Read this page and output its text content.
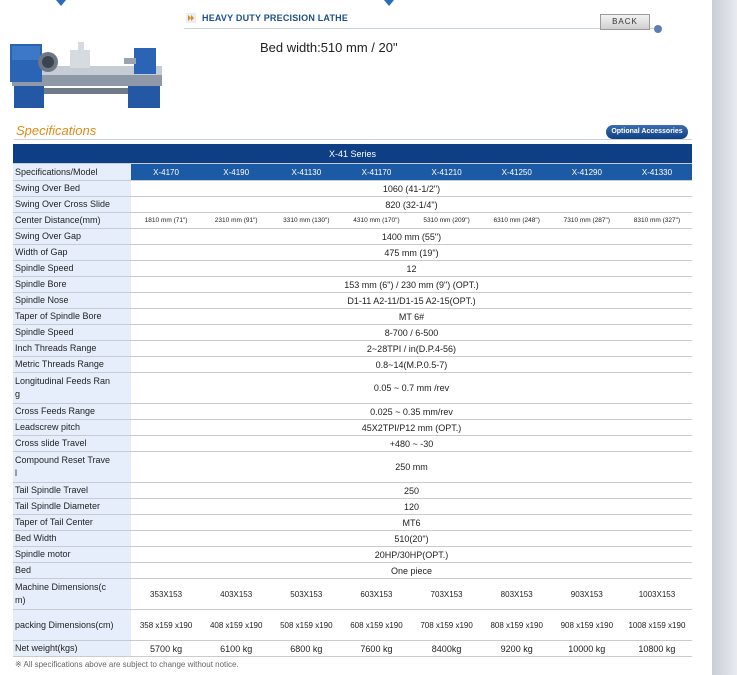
HEAVY DUTY PRECISION LATHE	BACK
Bed width:510 mm / 20"
Specifications	Optional Accessories
X-41 Series								
Specifications/Model	X-4170	X-4190	X-41130	X-41170	X-41210	X-41250	X-41290	X-41330
Swing Over Bed	1060 (41-1/2")							
Swing Over Cross Slide	820 (32-1/4")							
Center Distance(mm)	1810 mm (71")	2310 mm (91")	3310 mm (130")	4310 mm (170")	5310 mm (209")	6310 mm (248")	7310 mm (287")	8310 mm (327")
Swing Over Gap	1400 mm (55")							
Width of Gap	475 mm (19")							
Spindle Speed	12							
Spindle Bore	153 mm (6") / 230 mm (9") (OPT.)							
Spindle Nose	D1-11 A2-11/D1-15 A2-15(OPT.)							
Taper of Spindle Bore	MT 6#							
Spindle Speed	8-700 / 6-500							
Inch Threads Range	2~28TPI / in(D.P.4-56)							
Metric Threads Range	0.8~14(M.P.0.5-7)							
Longitudinal Feeds Ran
g	0.05 ~ 0.7 mm /rev							
Cross Feeds Range	0.025 ~ 0.35 mm/rev							
Leadscrew pitch	45X2TPI/P12 mm (OPT.)							
Cross slide Travel	+480 ~ -30							
Compound Reset Trave
l	250 mm							
Tail Spindle Travel	250							
Tail Spindle Diameter	120							
Taper of Tail Center	MT6							
Bed Width	510(20")							
Spindle motor	20HP/30HP(OPT.)							
Bed	One piece							
Machine Dimensions(c
m)	353X153	403X153	503X153	603X153	703X153	803X153	903X153	1003X153
packing Dimensions(cm)	358 x159 x190	408 x159 x190	508 x159 x190	608 x159 x190	708 x159 x190	808 x159 x190	908 x159 x190	1008 x159 x190
Net weight(kgs)	5700 kg	6100 kg	6800 kg	7600 kg	8400kg	9200 kg	10000 kg	10800 kg
※ All specifications above are subject to change without notice.
